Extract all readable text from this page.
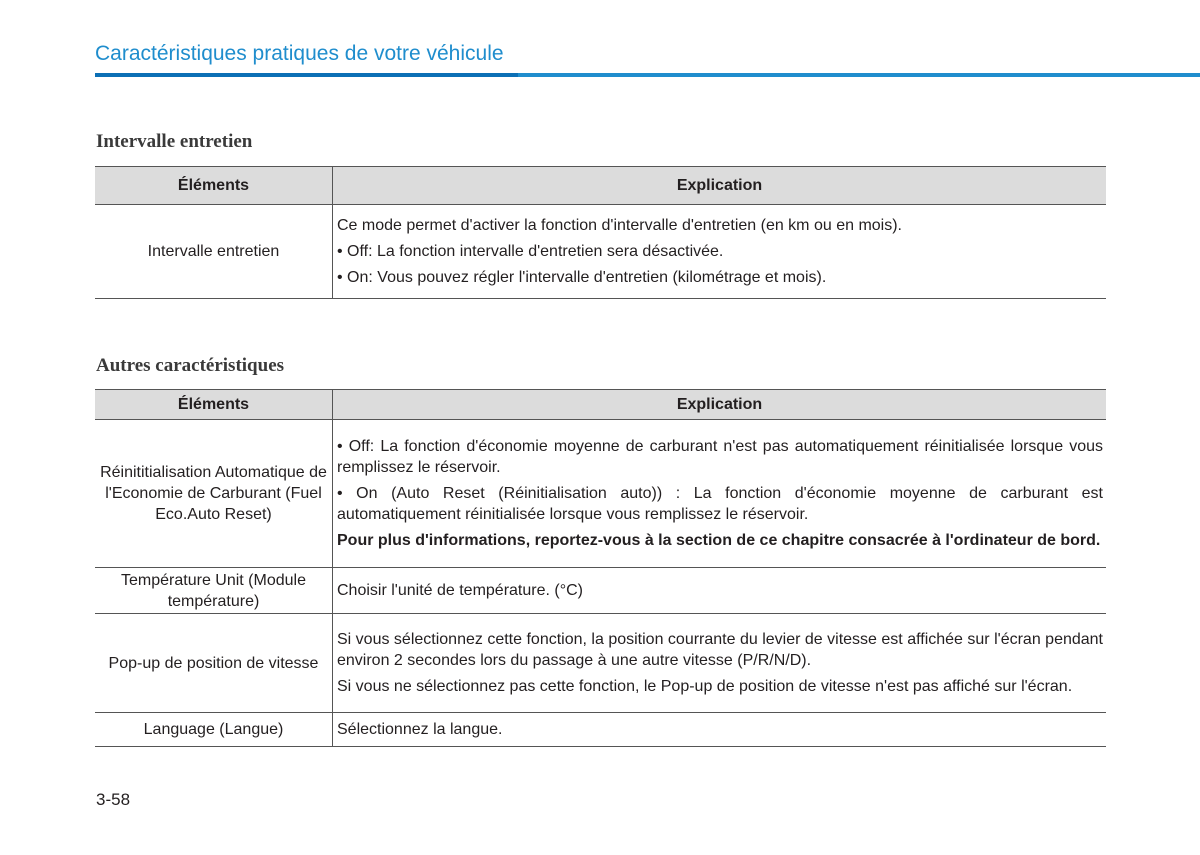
Caractéristiques pratiques de votre véhicule
Intervalle entretien
Éléments	Explication

Intervalle entretien	Ce mode permet d'activer la fonction d'intervalle d'entretien (en km ou en mois).

• Off: La fonction intervalle d'entretien sera désactivée.

• On: Vous pouvez régler l'intervalle d'entretien (kilométrage et mois).

Autres caractéristiques
Éléments	Explication

Réinititialisation Automatique de l'Economie de Carburant (Fuel Eco.Auto Reset)	• Off: La fonction d'économie moyenne de carburant n'est pas automatiquement réinitialisée lorsque vous remplissez le réservoir.

• On (Auto Reset (Réinitialisation auto)) : La fonction d'économie moyenne de carburant est automatiquement réinitialisée lorsque vous remplissez le réservoir.

Pour plus d'informations, reportez-vous à la section de ce chapitre consacrée à l'ordinateur de bord.

Température Unit (Module température)	Choisir l'unité de température. (°C)

Pop-up de position de vitesse	Si vous sélectionnez cette fonction, la position courrante du levier de vitesse est affichée sur l'écran pendant environ 2 secondes lors du passage à une autre vitesse (P/R/N/D).

Si vous ne sélectionnez pas cette fonction, le Pop-up de position de vitesse n'est pas affiché sur l'écran.

Language (Langue)	Sélectionnez la langue.

3-58
